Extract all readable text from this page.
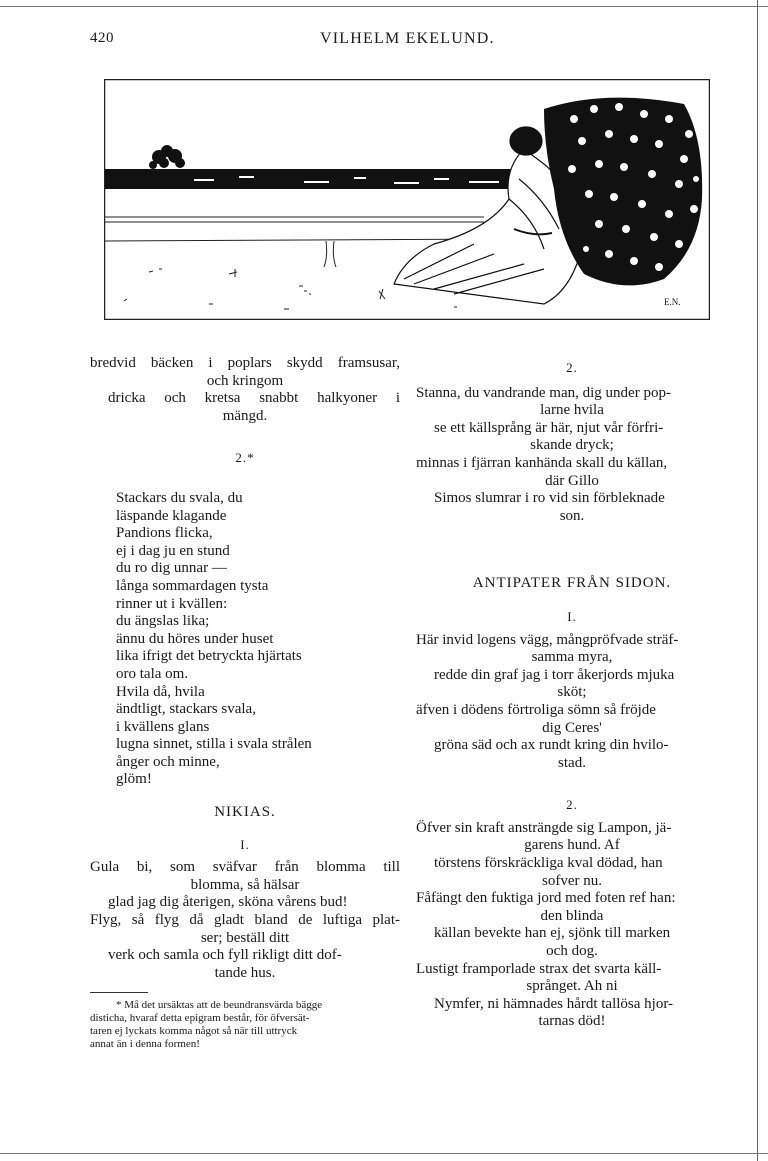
420	VILHELM EKELUND.
E.N.
bredvid bäcken i poplars skydd framsusar,
och kringom
dricka och kretsa snabbt halkyoner i
mängd.
2.*
Stackars du svala, du
läspande klagande
Pandions flicka,
ej i dag ju en stund
du ro dig unnar —
långa sommardagen tysta
rinner ut i kvällen:
du ängslas lika;
ännu du höres under huset
lika ifrigt det betryckta hjärtats
oro tala om.
Hvila då, hvila
ändtligt, stackars svala,
i kvällens glans
lugna sinnet, stilla i svala strålen
ånger och minne,
glöm!
NIKIAS.
I.
Gula bi, som sväfvar från blomma till
blomma, så hälsar
glad jag dig återigen, sköna vårens bud!
Flyg, så flyg då gladt bland de luftiga plat-
ser; beställ ditt
verk och samla och fyll rikligt ditt dof-
tande hus.
* Må det ursäktas att de beundransvärda bägge
disticha, hvaraf detta epigram består, för öfversät-
taren ej lyckats komma något så när till uttryck
annat än i denna formen!
2.
Stanna, du vandrande man, dig under pop-
larne hvila
se ett källsprång är här, njut vår förfri-
skande dryck;
minnas i fjärran kanhända skall du källan,
där Gillo
Simos slumrar i ro vid sin förbleknade
son.
ANTIPATER FRÅN SIDON.
I.
Här invid logens vägg, mångpröfvade sträf-
samma myra,
redde din graf jag i torr åkerjords mjuka
sköt;
äfven i dödens förtroliga sömn så fröjde
dig Ceres'
gröna säd och ax rundt kring din hvilo-
stad.
2.
Öfver sin kraft ansträngde sig Lampon, jä-
garens hund. Af
törstens förskräckliga kval dödad, han
sofver nu.
Fåfängt den fuktiga jord med foten ref han:
den blinda
källan bevekte han ej, sjönk till marken
och dog.
Lustigt framporlade strax det svarta käll-
språnget. Ah ni
Nymfer, ni hämnades hårdt tallösa hjor-
tarnas död!
